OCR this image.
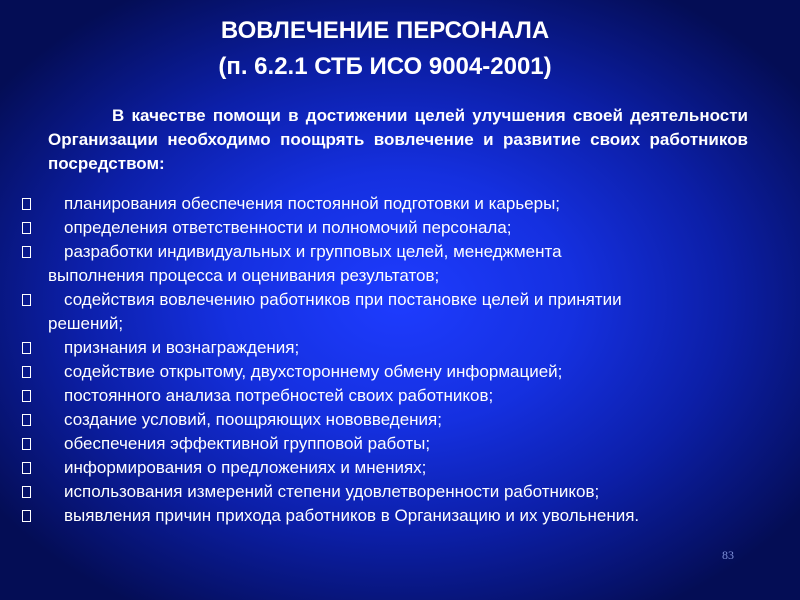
ВОВЛЕЧЕНИЕ ПЕРСОНАЛА
(п. 6.2.1 СТБ ИСО 9004-2001)
В качестве помощи в достижении целей улучшения своей деятельности Организации необходимо поощрять вовлечение и развитие своих работников посредством:
планирования обеспечения постоянной подготовки и карьеры;
определения ответственности и полномочий персонала;
разработки индивидуальных и групповых целей, менеджмента
выполнения процесса и оценивания результатов;
содействия вовлечению работников при постановке целей и принятии
решений;
признания и вознаграждения;
содействие открытому, двухстороннему обмену информацией;
постоянного анализа потребностей своих работников;
создание условий, поощряющих нововведения;
обеспечения эффективной групповой работы;
информирования о предложениях и мнениях;
использования измерений степени удовлетворенности работников;
выявления причин прихода работников в Организацию и их увольнения.
83
